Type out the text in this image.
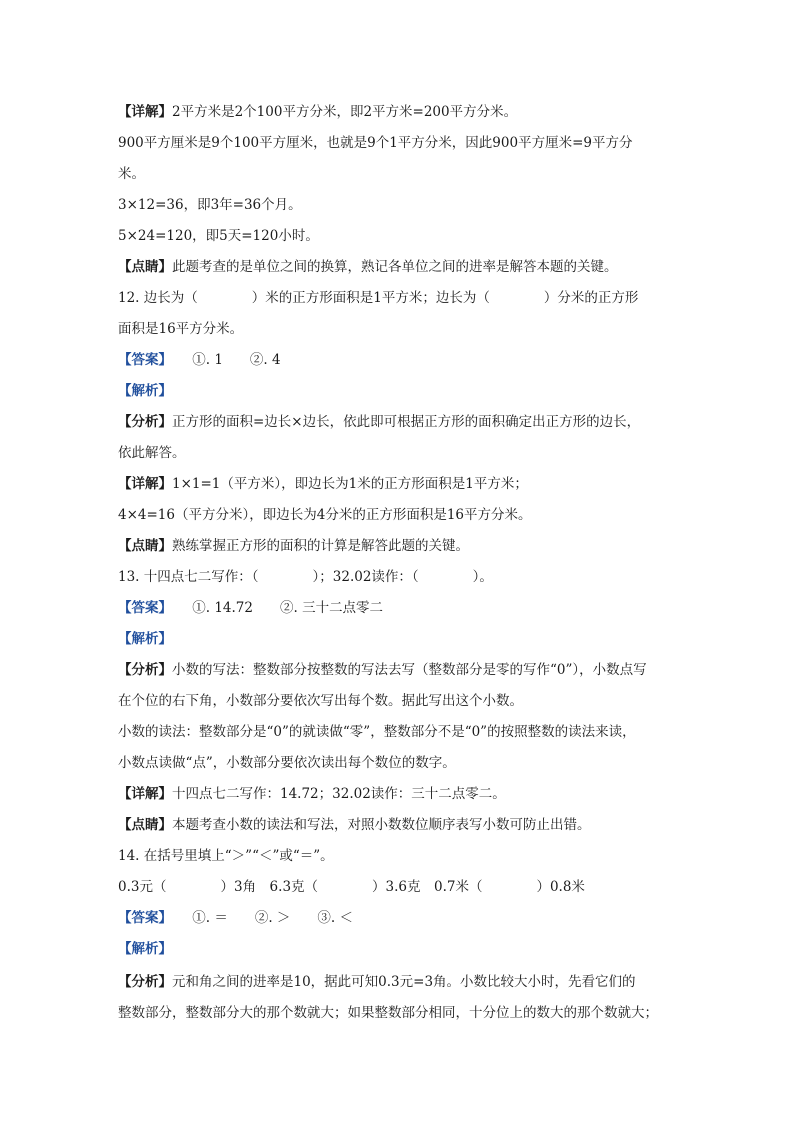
【详解】2平方米是2个100平方分米，即2平方米=200平方分米。
900平方厘米是9个100平方厘米，也就是9个1平方分米，因此900平方厘米=9平方分
米。
3×12=36，即3年=36个月。
5×24=120，即5天=120小时。
【点睛】此题考查的是单位之间的换算，熟记各单位之间的进率是解答本题的关键。
12. 边长为（　　　　）米的正方形面积是1平方米；边长为（　　　　）分米的正方形
面积是16平方分米。
【答案】　　①. 1　　②. 4
【解析】
【分析】正方形的面积=边长×边长，依此即可根据正方形的面积确定出正方形的边长，
依此解答。
【详解】1×1=1（平方米），即边长为1米的正方形面积是1平方米；
4×4=16（平方分米），即边长为4分米的正方形面积是16平方分米。
【点睛】熟练掌握正方形的面积的计算是解答此题的关键。
13. 十四点七二写作：（　　　　）；32.02读作：（　　　　）。
【答案】　　①. 14.72　　②. 三十二点零二
【解析】
【分析】小数的写法：整数部分按整数的写法去写（整数部分是零的写作“0”），小数点写
在个位的右下角，小数部分要依次写出每个数。据此写出这个小数。
小数的读法：整数部分是“0”的就读做“零”，整数部分不是“0”的按照整数的读法来读，
小数点读做“点”，小数部分要依次读出每个数位的数字。
【详解】十四点七二写作：14.72；32.02读作：三十二点零二。
【点睛】本题考查小数的读法和写法，对照小数数位顺序表写小数可防止出错。
14. 在括号里填上“＞”“＜”或“＝”。
0.3元（　　　　）3角　6.3克（　　　　）3.6克　0.7米（　　　　）0.8米
【答案】　　①. ＝　　②. ＞　　③. ＜
【解析】
【分析】元和角之间的进率是10，据此可知0.3元=3角。小数比较大小时，先看它们的
整数部分，整数部分大的那个数就大；如果整数部分相同，十分位上的数大的那个数就大；
